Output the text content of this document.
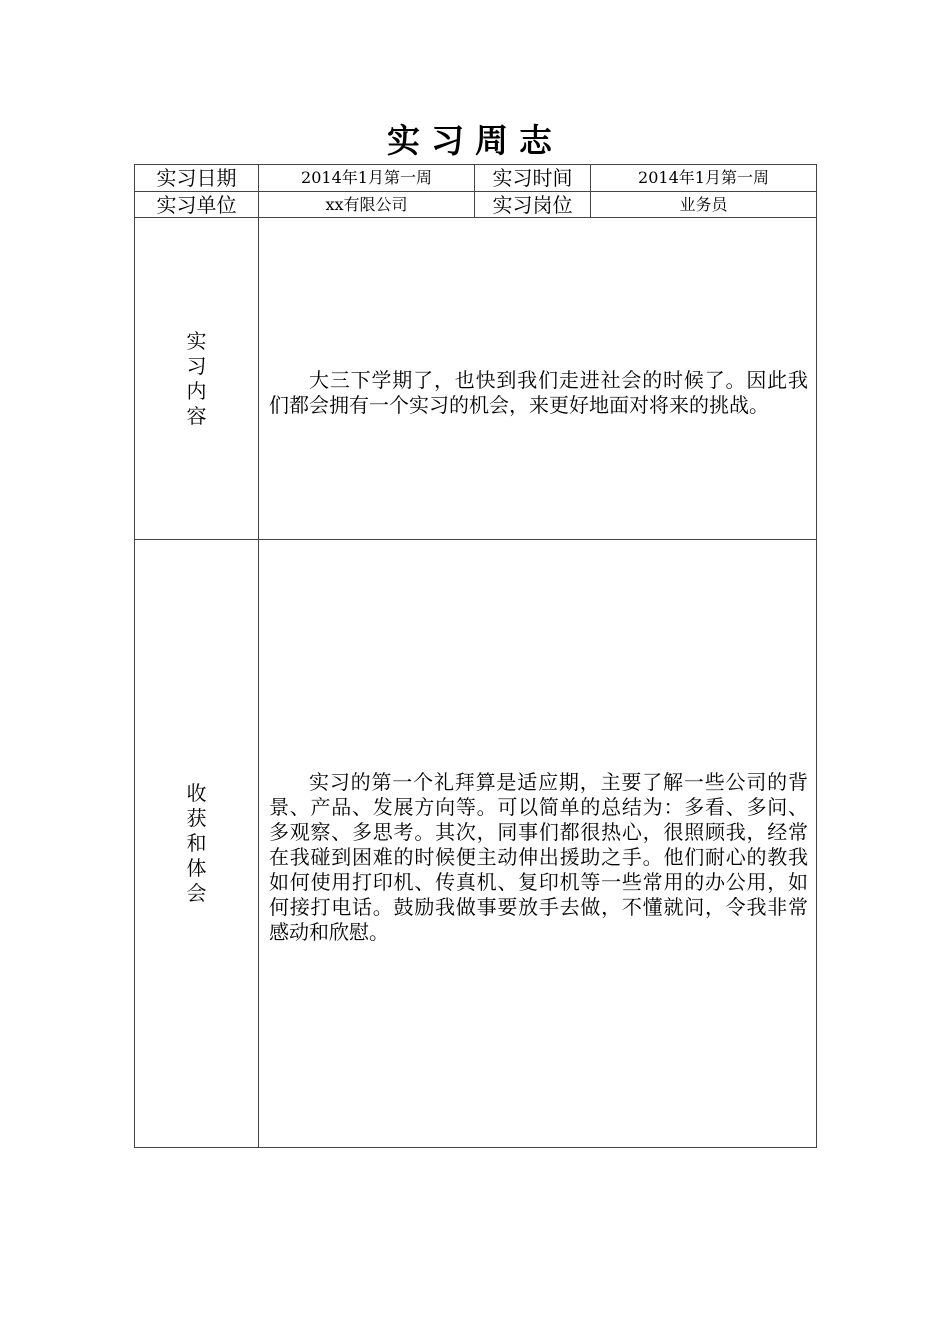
实习周志
实习日期	2014年1月第一周	实习时间	2014年1月第一周
实习单位	xx有限公司	实习岗位	业务员

实习内容	大三下学期了，也快到我们走进社会的时候了。因此我们都会拥有一个实习的机会，来更好地面对将来的挑战。		

收获和体会	实习的第一个礼拜算是适应期，主要了解一些公司的背景、产品、发展方向等。可以简单的总结为：多看、多问、多观察、多思考。其次，同事们都很热心，很照顾我，经常在我碰到困难的时候便主动伸出援助之手。他们耐心的教我如何使用打印机、传真机、复印机等一些常用的办公用，如何接打电话。鼓励我做事要放手去做，不懂就问，令我非常感动和欣慰。		
